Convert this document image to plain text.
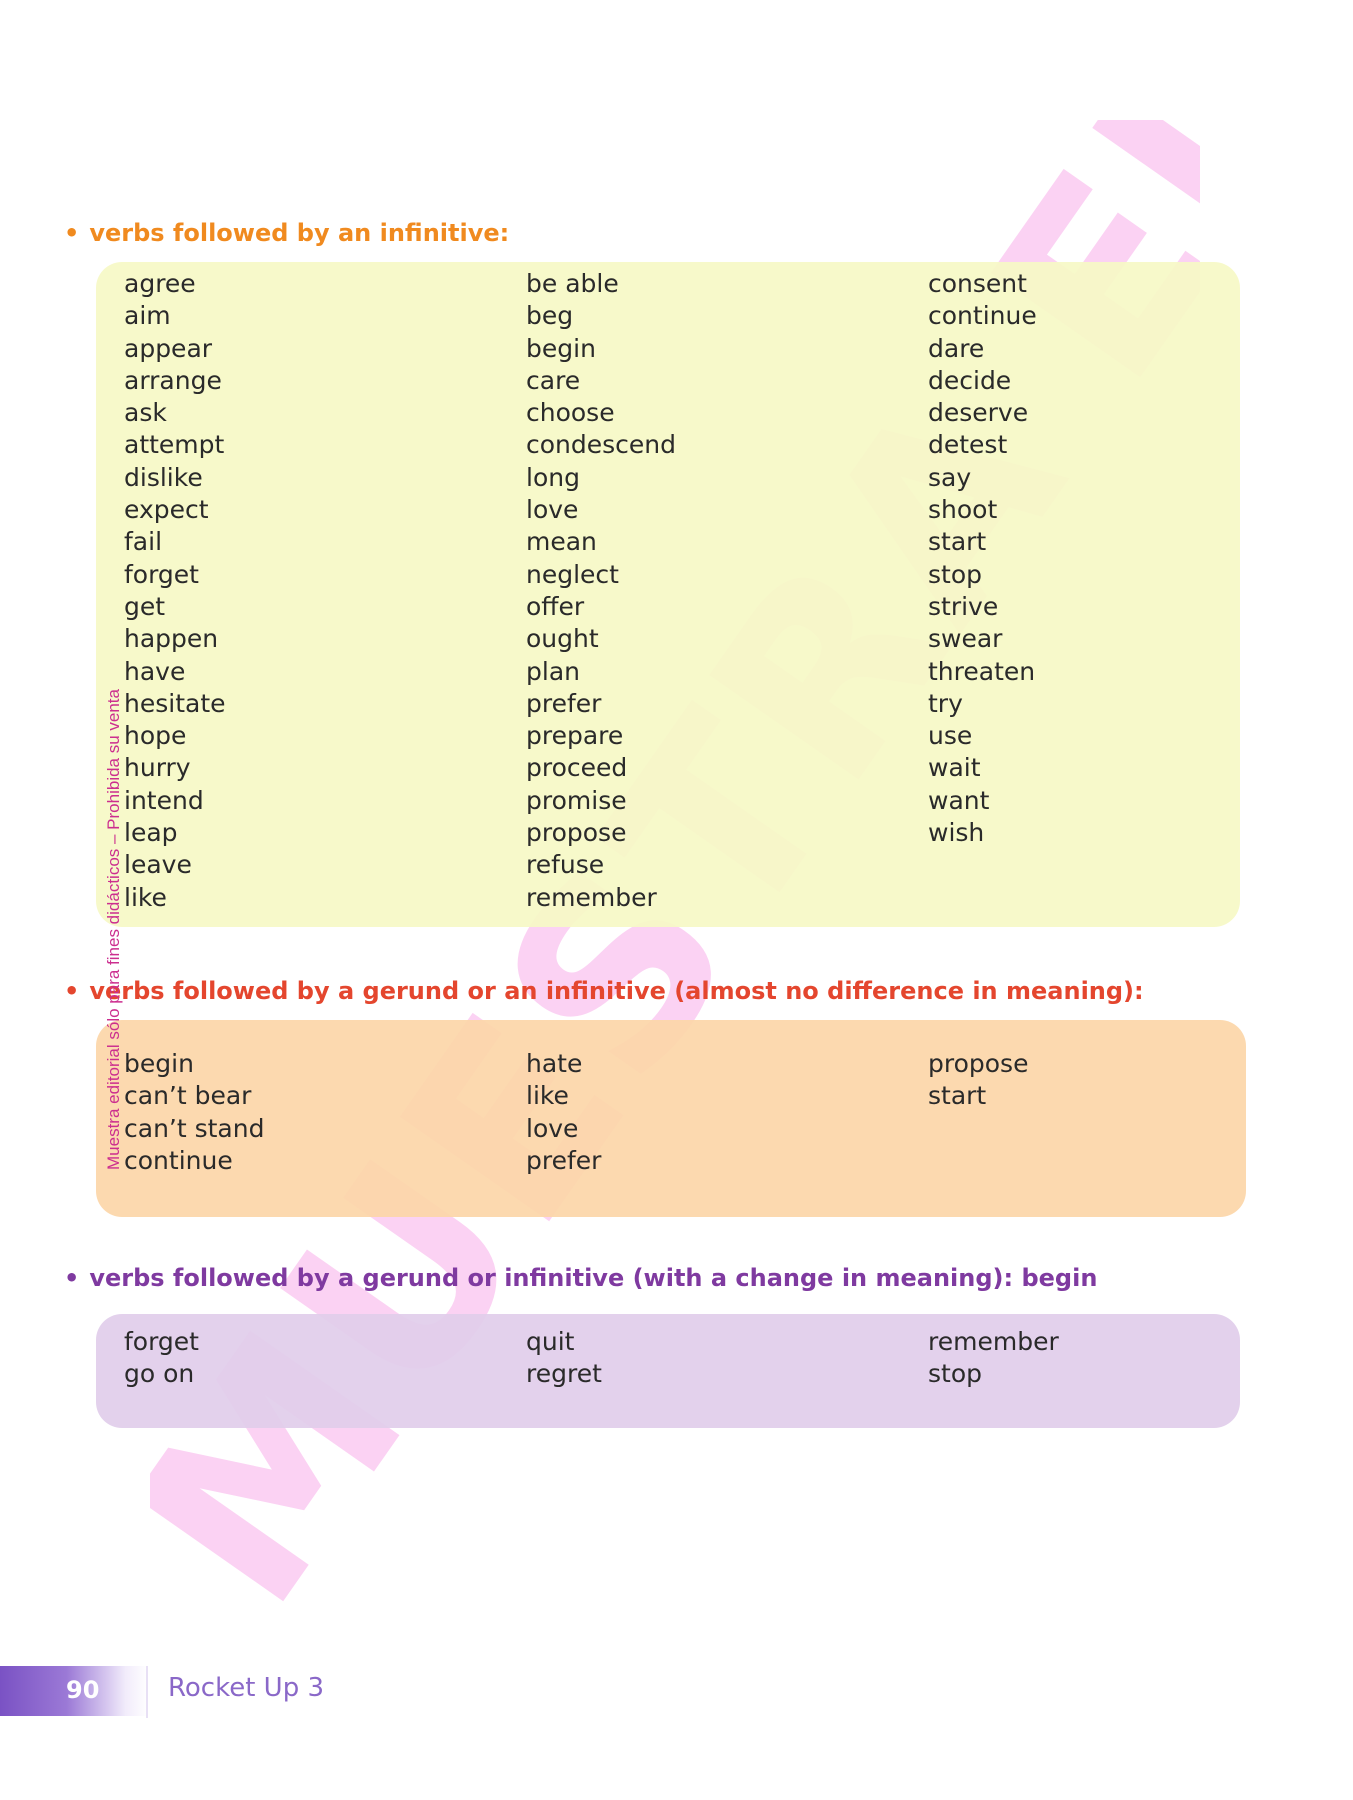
Muestra editorial sólo para fines didácticos – Prohibida su venta
• verbs followed by an infinitive:
agree
aim
appear
arrange
ask
attempt
dislike
expect
fail
forget
get
happen
have
hesitate
hope
hurry
intend
leap
leave
like
be able
beg
begin
care
choose
condescend
long
love
mean
neglect
offer
ought
plan
prefer
prepare
proceed
promise
propose
refuse
remember
consent
continue
dare
decide
deserve
detest
say
shoot
start
stop
strive
swear
threaten
try
use
wait
want
wish
• verbs followed by a gerund or an infinitive (almost no difference in meaning):
begin
can’t bear
can’t stand
continue
hate
like
love
prefer
propose
start
• verbs followed by a gerund or infinitive (with a change in meaning): begin
forget
go on
quit
regret
remember
stop
90	Rocket Up 3
